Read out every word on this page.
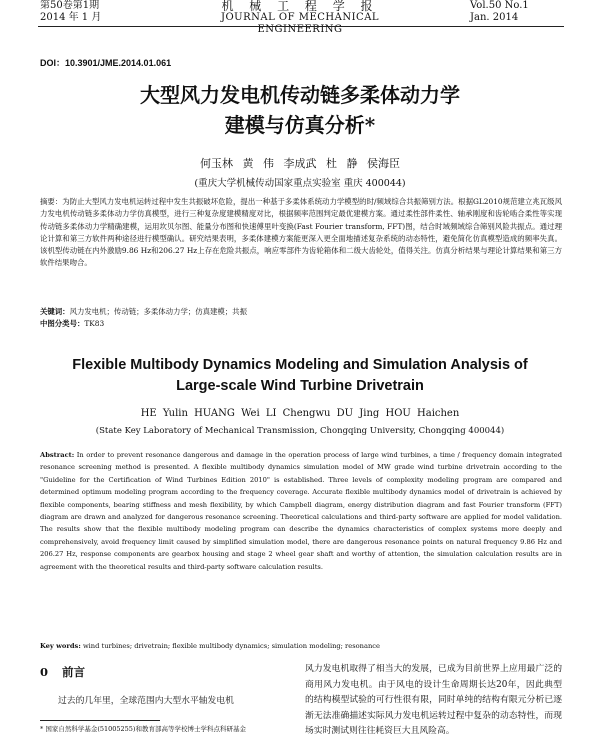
第50卷第1期
2014 年 1 月
机 械 工 程 学 报
JOURNAL OF MECHANICAL ENGINEERING
Vol.50 No.1
Jan. 2014
DOI：10.3901/JME.2014.01.061
大型风力发电机传动链多柔体动力学
建模与仿真分析*
何玉林 黄 伟 李成武 杜 静 侯海臣
(重庆大学机械传动国家重点实验室 重庆 400044)
摘要：为防止大型风力发电机运转过程中发生共振破坏危险，提出一种基于多柔体系统动力学模型的时/频域综合共振筛别方法。根据GL2010规范建立兆瓦级风力发电机传动链多柔体动力学仿真模型，进行三种复杂度建模精度对比，根据频率范围判定最优建模方案。通过柔性部件柔性、轴承刚度和齿轮啮合柔性等实现传动链多柔体动力学精确建模，运用坎贝尔图、能量分布图和快速傅里叶变换(Fast Fourier transform, FFT)图，结合时域频域综合筛别风险共振点。通过理论计算和第三方软件两种途径进行模型确认。研究结果表明，多柔体建模方案能更深入更全面地描述复杂系统的动态特性，避免简化仿真模型造成的频率失真。该机型传动链在内外激励9.86 Hz和206.27 Hz上存在危险共振点，响应零部件为齿轮箱体和二级大齿轮处，值得关注。仿真分析结果与理论计算结果和第三方软件结果吻合。
关键词：风力发电机；传动链；多柔体动力学；仿真建模；共振
中图分类号：TK83
Flexible Multibody Dynamics Modeling and Simulation Analysis of
Large-scale Wind Turbine Drivetrain
HE Yulin HUANG Wei LI Chengwu DU Jing HOU Haichen
(State Key Laboratory of Mechanical Transmission, Chongqing University, Chongqing 400044)
Abstract: In order to prevent resonance dangerous and damage in the operation process of large wind turbines, a time / frequency domain integrated resonance screening method is presented. A flexible multibody dynamics simulation model of MW grade wind turbine drivetrain according to the "Guideline for the Certification of Wind Turbines Edition 2010" is established. Three levels of complexity modeling program are compared and determined optimum modeling program according to the frequency coverage. Accurate flexible multibody dynamics model of drivetrain is achieved by flexible components, bearing stiffness and mesh flexibility, by which Campbell diagram, energy distribution diagram and fast Fourier transform (FFT) diagram are drawn and analyzed for dangerous resonance screening. Theoretical calculations and third-party software are applied for model validation. The results show that the flexible multibody modeling program can describe the dynamics characteristics of complex systems more deeply and comprehensively, avoid frequency limit caused by simplified simulation model, there are dangerous resonance points on natural frequency 9.86 Hz and 206.27 Hz, response components are gearbox housing and stage 2 wheel gear shaft and worthy of attention, the simulation calculation results are in agreement with the theoretical results and third-party software calculation results.
Key words: wind turbines; drivetrain; flexible multibody dynamics; simulation modeling; resonance
0 前言
过去的几年里，全球范围内大型水平轴发电机
风力发电机取得了相当大的发展，已成为目前世界上应用最广泛的商用风力发电机。由于风电的设计生命周期长达20年，因此典型的结构模型试验的可行性很有限，同时单纯的结构有限元分析已逐渐无法准确描述实际风力发电机运转过程中复杂的动态特性，而现场实时测试则往往耗资巨大且风险高。
* 国家自然科学基金(51005255)和教育部高等学校博士学科点科研基金
